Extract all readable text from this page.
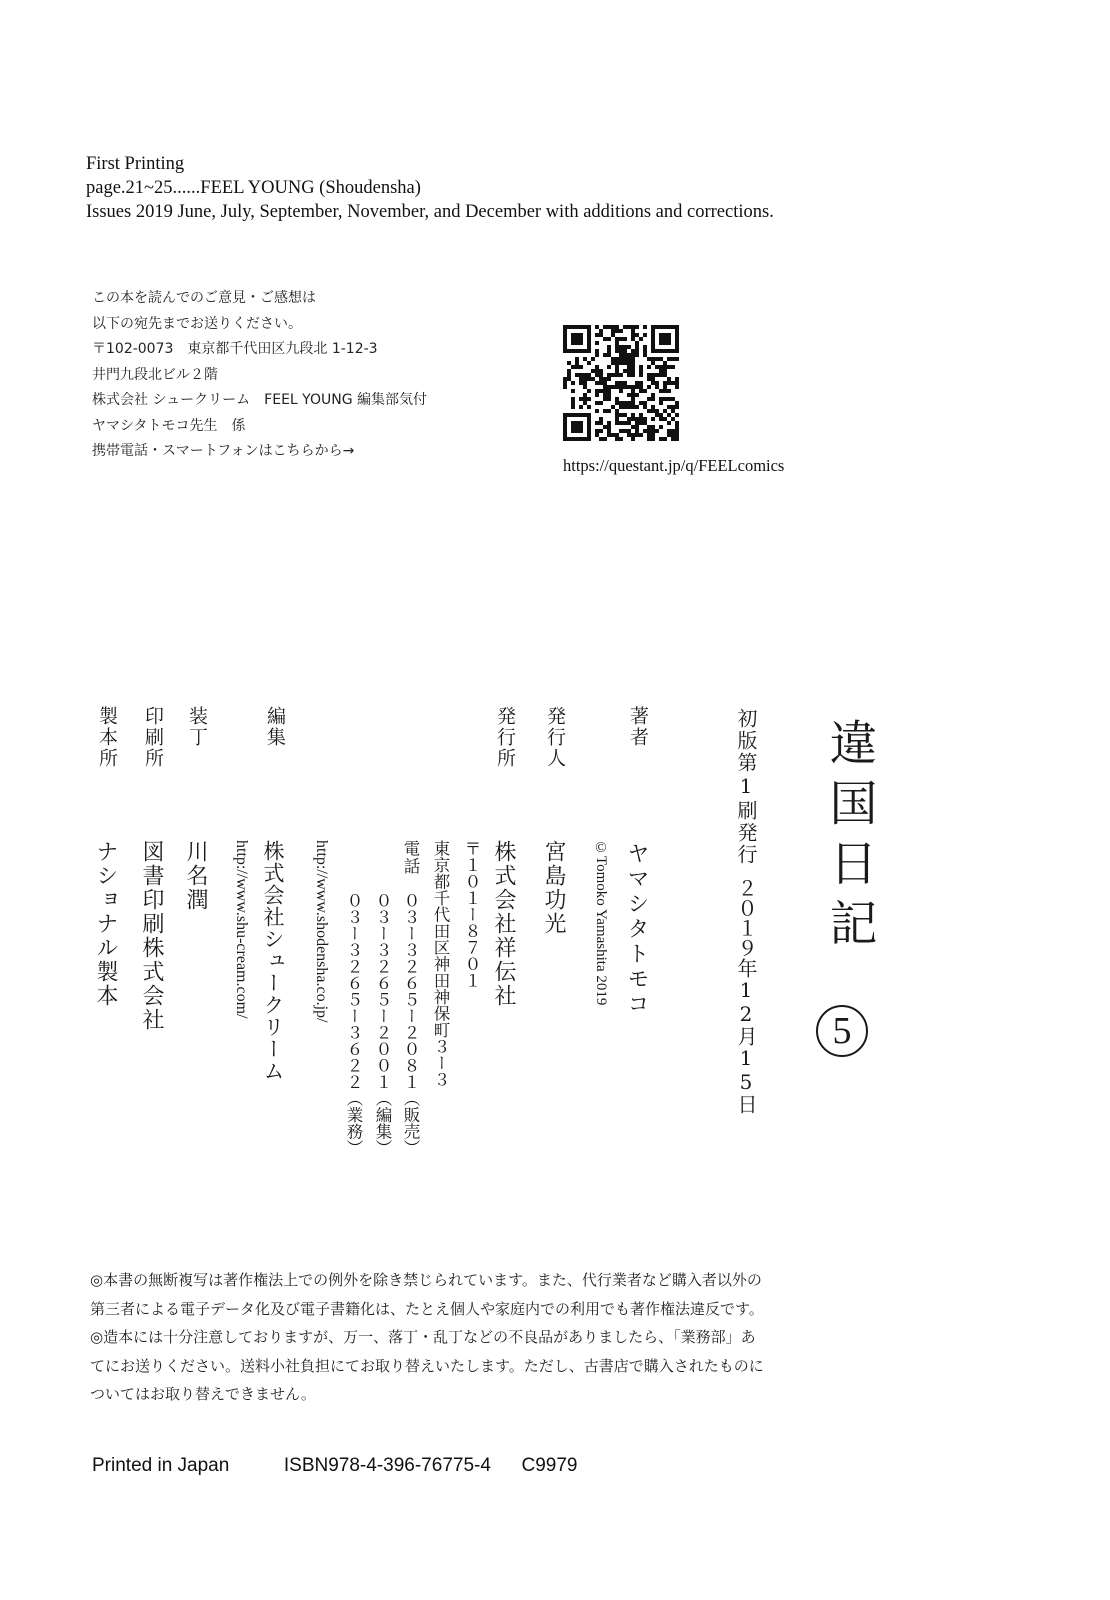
First Printing
page.21~25......FEEL YOUNG (Shoudensha)
Issues 2019 June, July, September, November, and December with additions and corrections.
この本を読んでのご意見・ご感想は
以下の宛先までお送りください。
〒102-0073　東京都千代田区九段北 1-12-3
井門九段北ビル２階
株式会社 シュークリーム　FEEL YOUNG 編集部気付
ヤマシタトモコ先生　係
携帯電話・スマートフォンはこちらから→
https://questant.jp/q/FEELcomics
違国日記
5
初版第1刷発行
２０１９年12月15日
著者
ヤマシタトモコ
©Tomoko Yamashita 2019
発行人
宮島功光
発行所
株式会社祥伝社
〒１０１ー８７０１
東京都千代田区神田神保町３ー３
電話
０３ー３２６５ー２０８１（販売）
０３ー３２６５ー２００１（編集）
０３ー３２６５ー３６２２（業務）
http://www.shodensha.co.jp/
編集
株式会社シュークリーム
http://www.shu-cream.com/
装丁
川名潤
印刷所
図書印刷株式会社
製本所
ナショナル製本
◎本書の無断複写は著作権法上での例外を除き禁じられています。また、代行業者など購入者以外の
第三者による電子データ化及び電子書籍化は、たとえ個人や家庭内での利用でも著作権法違反です。
◎造本には十分注意しておりますが、万一、落丁・乱丁などの不良品がありましたら、「業務部」あ
てにお送りください。送料小社負担にてお取り替えいたします。ただし、古書店で購入されたものに
ついてはお取り替えできません。
Printed in Japan	ISBN978-4-396-76775-4 C9979
